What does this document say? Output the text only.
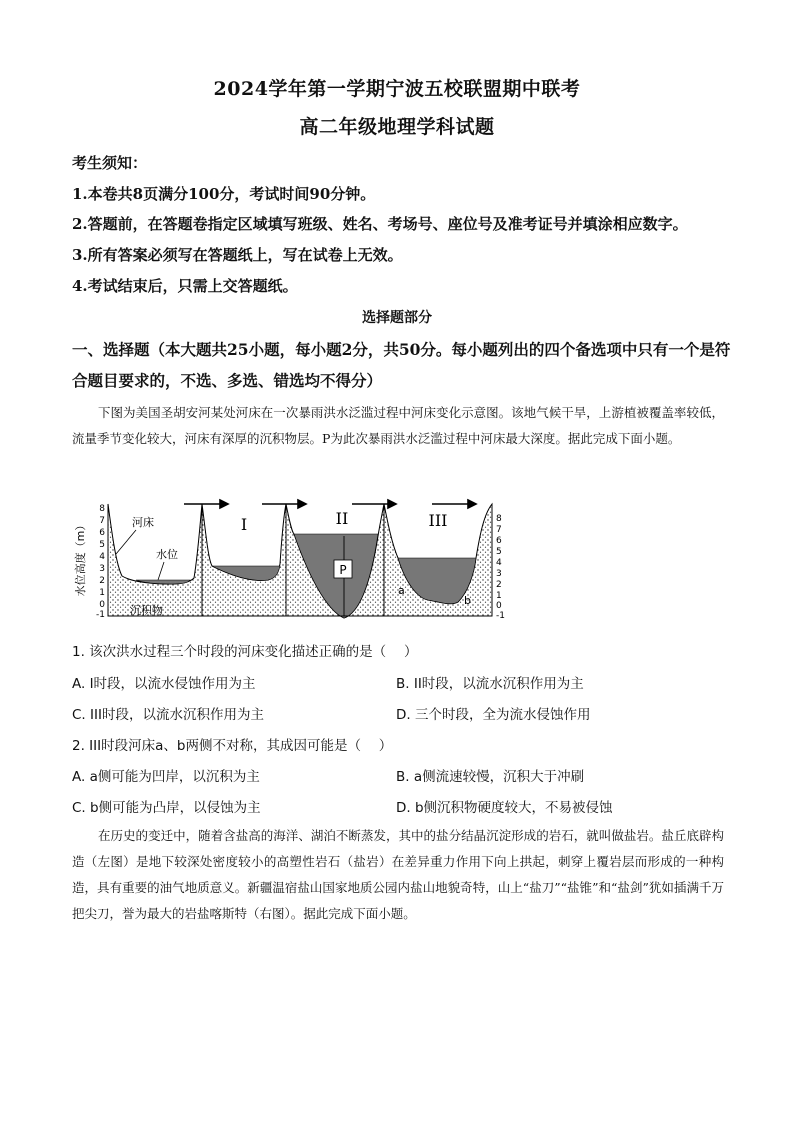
2024学年第一学期宁波五校联盟期中联考
高二年级地理学科试题
考生须知：
1.本卷共8页满分100分，考试时间90分钟。
2.答题前，在答题卷指定区域填写班级、姓名、考场号、座位号及准考证号并填涂相应数字。
3.所有答案必须写在答题纸上，写在试卷上无效。
4.考试结束后，只需上交答题纸。
选择题部分
一、选择题（本大题共25小题，每小题2分，共50分。每小题列出的四个备选项中只有一个是符合题目要求的，不选、多选、错选均不得分）
下图为美国圣胡安河某处河床在一次暴雨洪水泛滥过程中河床变化示意图。该地气候干旱，上游植被覆盖率较低，流量季节变化较大，河床有深厚的沉积物层。P为此次暴雨洪水泛滥过程中河床最大深度。据此完成下面小题。
水位高度（m）
8
7
6
5
4
3
2
1
0
-1
8
7
6
5
4
3
2
1
0
-1
河床
水位
沉积物
I
P
II	III
a
b
1. 该次洪水过程三个时段的河床变化描述正确的是（　 ）
A. I时段，以流水侵蚀作用为主	B. II时段，以流水沉积作用为主
C. III时段，以流水沉积作用为主	D. 三个时段，全为流水侵蚀作用
2. III时段河床a、b两侧不对称，其成因可能是（　 ）
A. a侧可能为凹岸，以沉积为主	B. a侧流速较慢，沉积大于冲刷
C. b侧可能为凸岸，以侵蚀为主	D. b侧沉积物硬度较大，不易被侵蚀
在历史的变迁中，随着含盐高的海洋、湖泊不断蒸发，其中的盐分结晶沉淀形成的岩石，就叫做盐岩。盐丘底辟构造（左图）是地下较深处密度较小的高塑性岩石（盐岩）在差异重力作用下向上拱起，刺穿上覆岩层而形成的一种构造，具有重要的油气地质意义。新疆温宿盐山国家地质公园内盐山地貌奇特，山上“盐刀”“盐锥”和“盐剑”犹如插满千万把尖刀，誉为最大的岩盐喀斯特（右图）。据此完成下面小题。
